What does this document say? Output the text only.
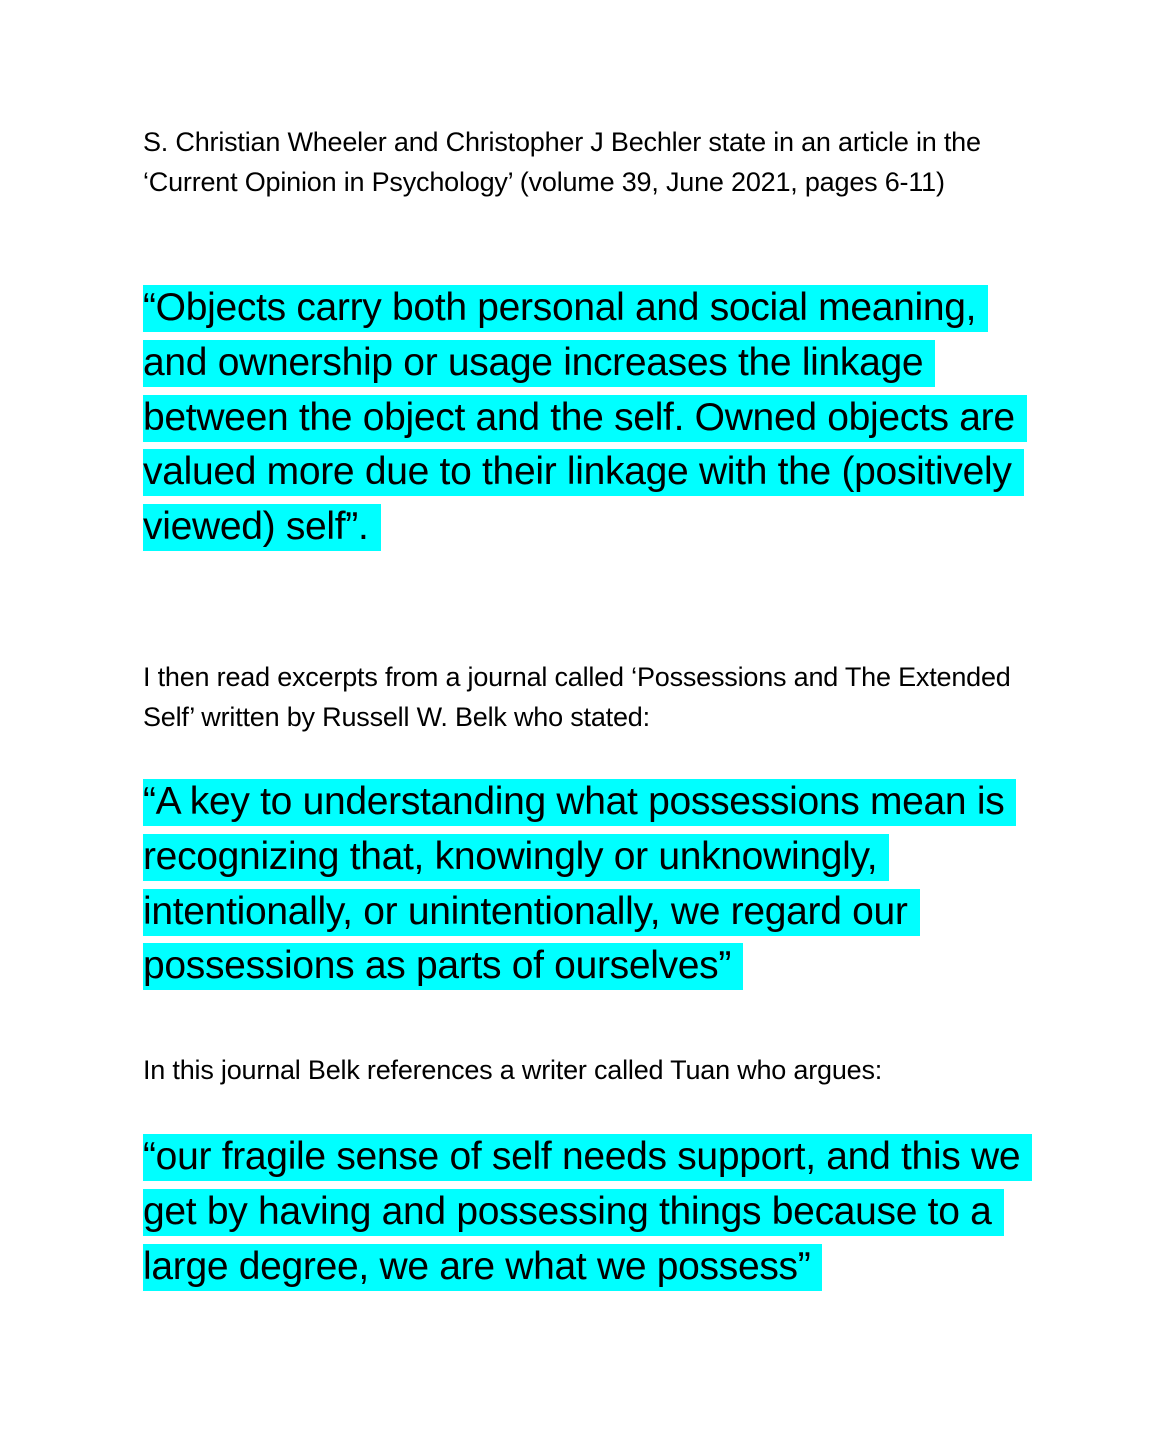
S. Christian Wheeler and Christopher J Bechler state in an article in the ‘Current Opinion in Psychology’ (volume 39, June 2021, pages 6-11)

“Objects carry both personal and social meaning, and ownership or usage increases the linkage between the object and the self. Owned objects are valued more due to their linkage with the (positively viewed) self”.

I then read excerpts from a journal called ‘Possessions and The Extended Self’ written by Russell W. Belk who stated:

“A key to understanding what possessions mean is recognizing that, knowingly or unknowingly, intentionally, or unintentionally, we regard our possessions as parts of ourselves”

In this journal Belk references a writer called Tuan who argues:

“our fragile sense of self needs support, and this we get by having and possessing things because to a large degree, we are what we possess”
